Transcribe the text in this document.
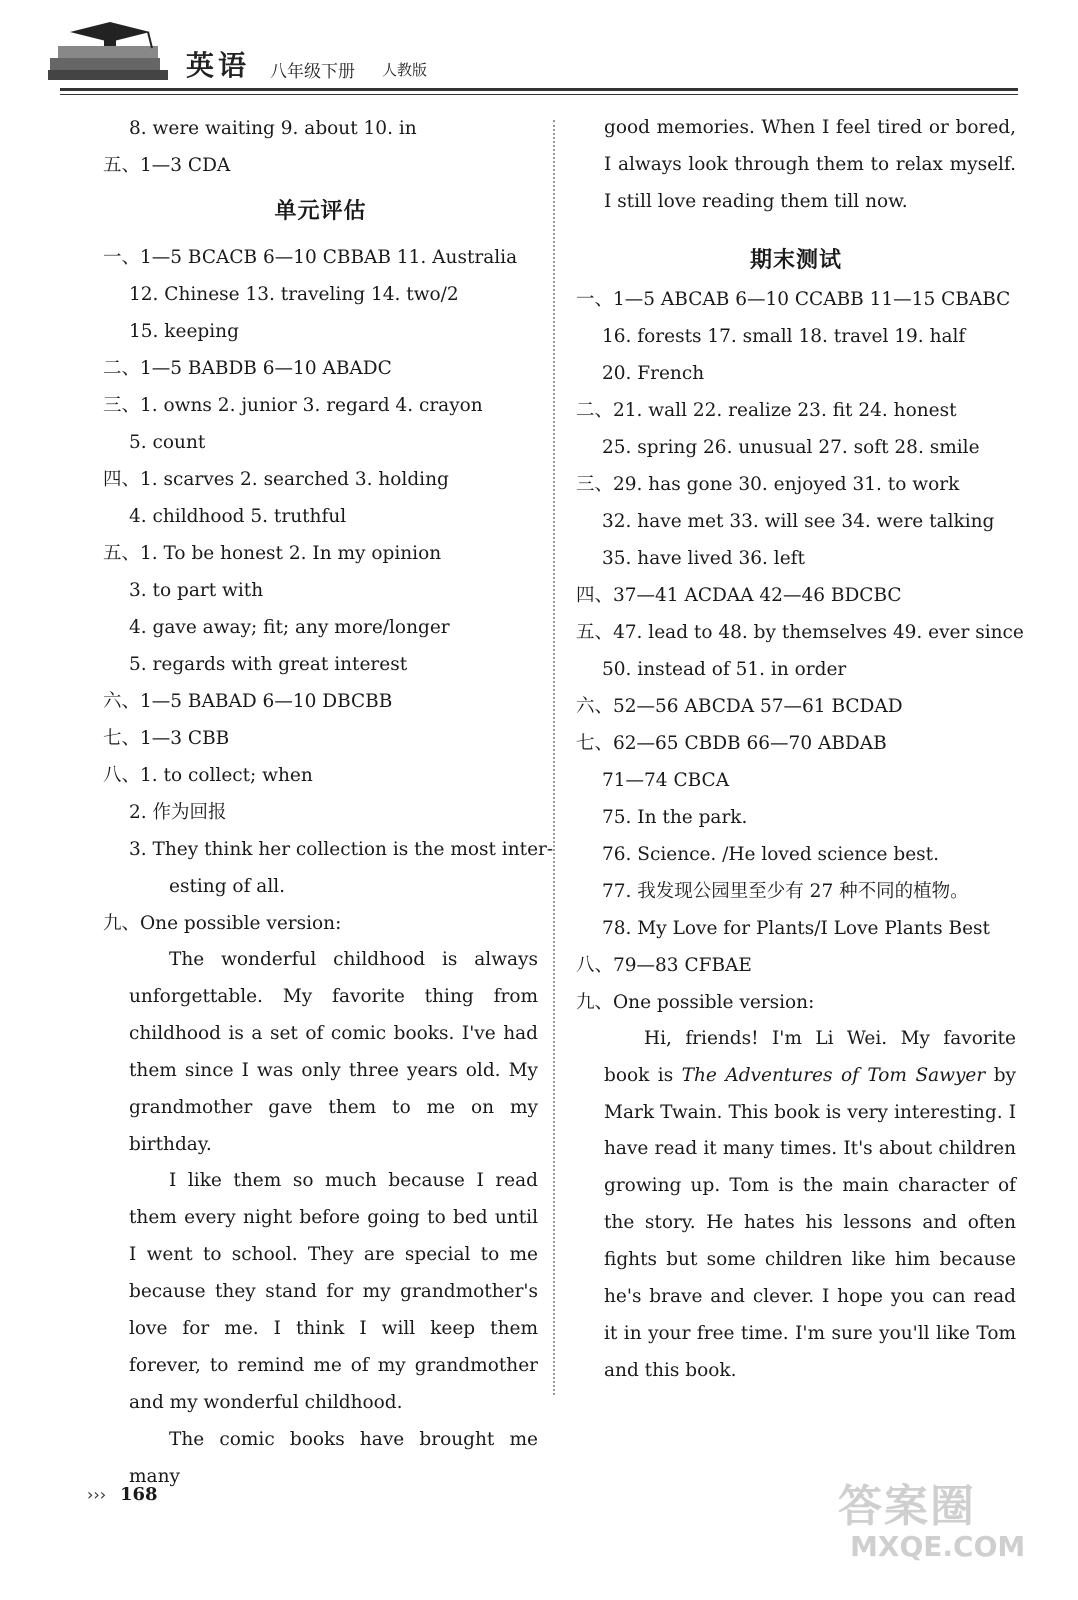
英语 八年级下册 人教版
8. were waiting 9. about 10. in
五、1—3 CDA
单元评估
一、1—5 BCACB 6—10 CBBAB 11. Australia
12. Chinese 13. traveling 14. two/2
15. keeping
二、1—5 BABDB 6—10 ABADC
三、1. owns 2. junior 3. regard 4. crayon
5. count
四、1. scarves 2. searched 3. holding
4. childhood 5. truthful
五、1. To be honest 2. In my opinion
3. to part with
4. gave away; fit; any more/longer
5. regards with great interest
六、1—5 BABAD 6—10 DBCBB
七、1—3 CBB
八、1. to collect; when
2. 作为回报
3. They think her collection is the most inter-
esting of all.
九、One possible version:

The wonderful childhood is always unforgettable. My favorite thing from childhood is a set of comic books. I've had them since I was only three years old. My grandmother gave them to me on my birthday.

I like them so much because I read them every night before going to bed until I went to school. They are special to me because they stand for my grandmother's love for me. I think I will keep them forever, to remind me of my grandmother and my wonderful childhood.

The comic books have brought me many

good memories. When I feel tired or bored, I always look through them to relax myself. I still love reading them till now.

期末测试
一、1—5 ABCAB 6—10 CCABB 11—15 CBABC
16. forests 17. small 18. travel 19. half
20. French
二、21. wall 22. realize 23. fit 24. honest
25. spring 26. unusual 27. soft 28. smile
三、29. has gone 30. enjoyed 31. to work
32. have met 33. will see 34. were talking
35. have lived 36. left
四、37—41 ACDAA 42—46 BDCBC
五、47. lead to 48. by themselves 49. ever since
50. instead of 51. in order
六、52—56 ABCDA 57—61 BCDAD
七、62—65 CBDB 66—70 ABDAB
71—74 CBCA
75. In the park.
76. Science. /He loved science best.
77. 我发现公园里至少有 27 种不同的植物。
78. My Love for Plants/I Love Plants Best
八、79—83 CFBAE
九、One possible version:

Hi, friends! I'm Li Wei. My favorite book is The Adventures of Tom Sawyer by Mark Twain. This book is very interesting. I have read it many times. It's about children growing up. Tom is the main character of the story. He hates his lessons and often fights but some children like him because he's brave and clever. I hope you can read it in your free time. I'm sure you'll like Tom and this book.

››› 168	答案圈
MXQE.COM
